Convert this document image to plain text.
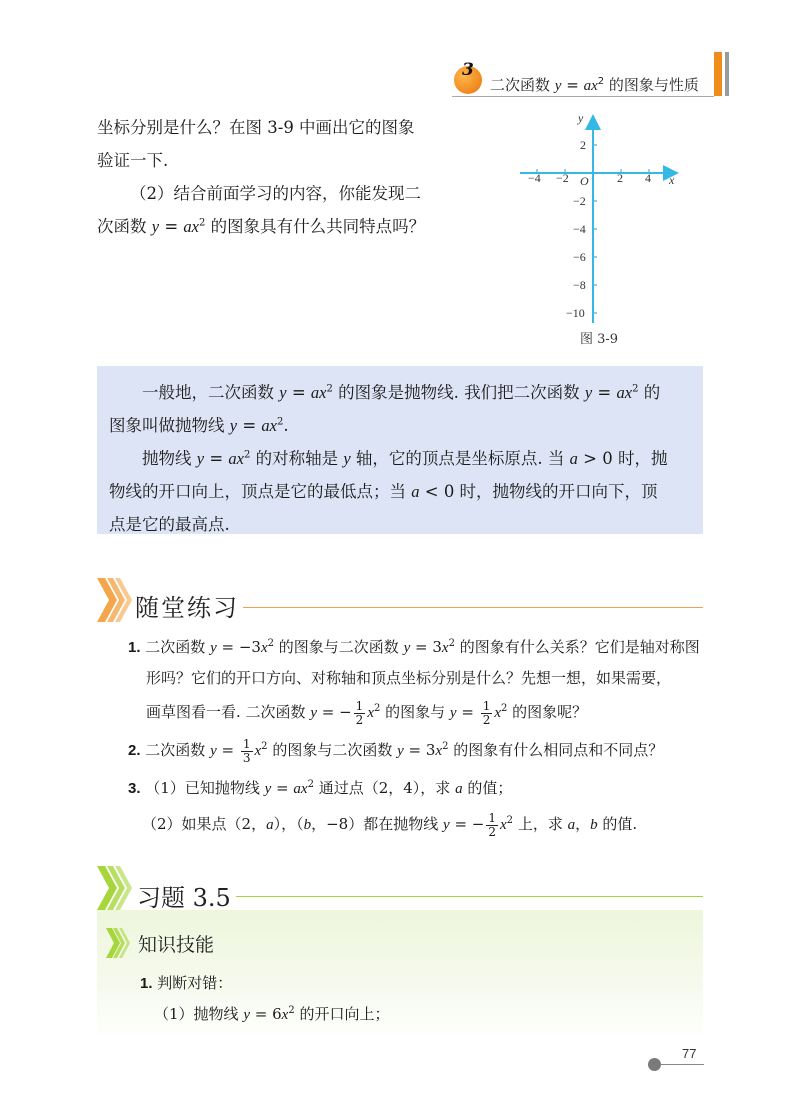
3
二次函数 $y = ax^2$ 的图象与性质
坐标分别是什么？在图 3-9 中画出它的图象
验证一下.
（2）结合前面学习的内容，你能发现二
次函数 $y = ax^2$ 的图象具有什么共同特点吗？
−4 −2	2 4
2
−2
−4
−6
−8
−10
O	x
y
图 3-9
一般地，二次函数 $y = ax^2$ 的图象是抛物线. 我们把二次函数 $y = ax^2$ 的
图象叫做抛物线 $y = ax^2$.
抛物线 $y = ax^2$ 的对称轴是 y 轴，它的顶点是坐标原点. 当 a > 0 时，抛
物线的开口向上，顶点是它的最低点；当 a < 0 时，抛物线的开口向下，顶
点是它的最高点.
随堂练习
1. 二次函数 $y = -3x^2$ 的图象与二次函数 $y = 3x^2$ 的图象有什么关系？它们是轴对称图
形吗？它们的开口方向、对称轴和顶点坐标分别是什么？先想一想，如果需要，
画草图看一看. 二次函数 y = − $\frac{1}{2} x^2$ 的图象与 $y = \frac{1}{2} x^2$ 的图象呢？
2. 二次函数 $y = \frac{1}{3} x^2$ 的图象与二次函数 $y = 3x^2$ 的图象有什么相同点和不同点？
3. （1）已知抛物线 $y = ax^2$ 通过点（2，4），求 a 的值；
（2）如果点（2，a），（b，−8）都在抛物线 y = − $\frac{1}{2} x^2$ 上，求 a，b 的值.
习题 3.5
知识技能
1. 判断对错：
（1）抛物线 $y = 6x^2$ 的开口向上；
77
